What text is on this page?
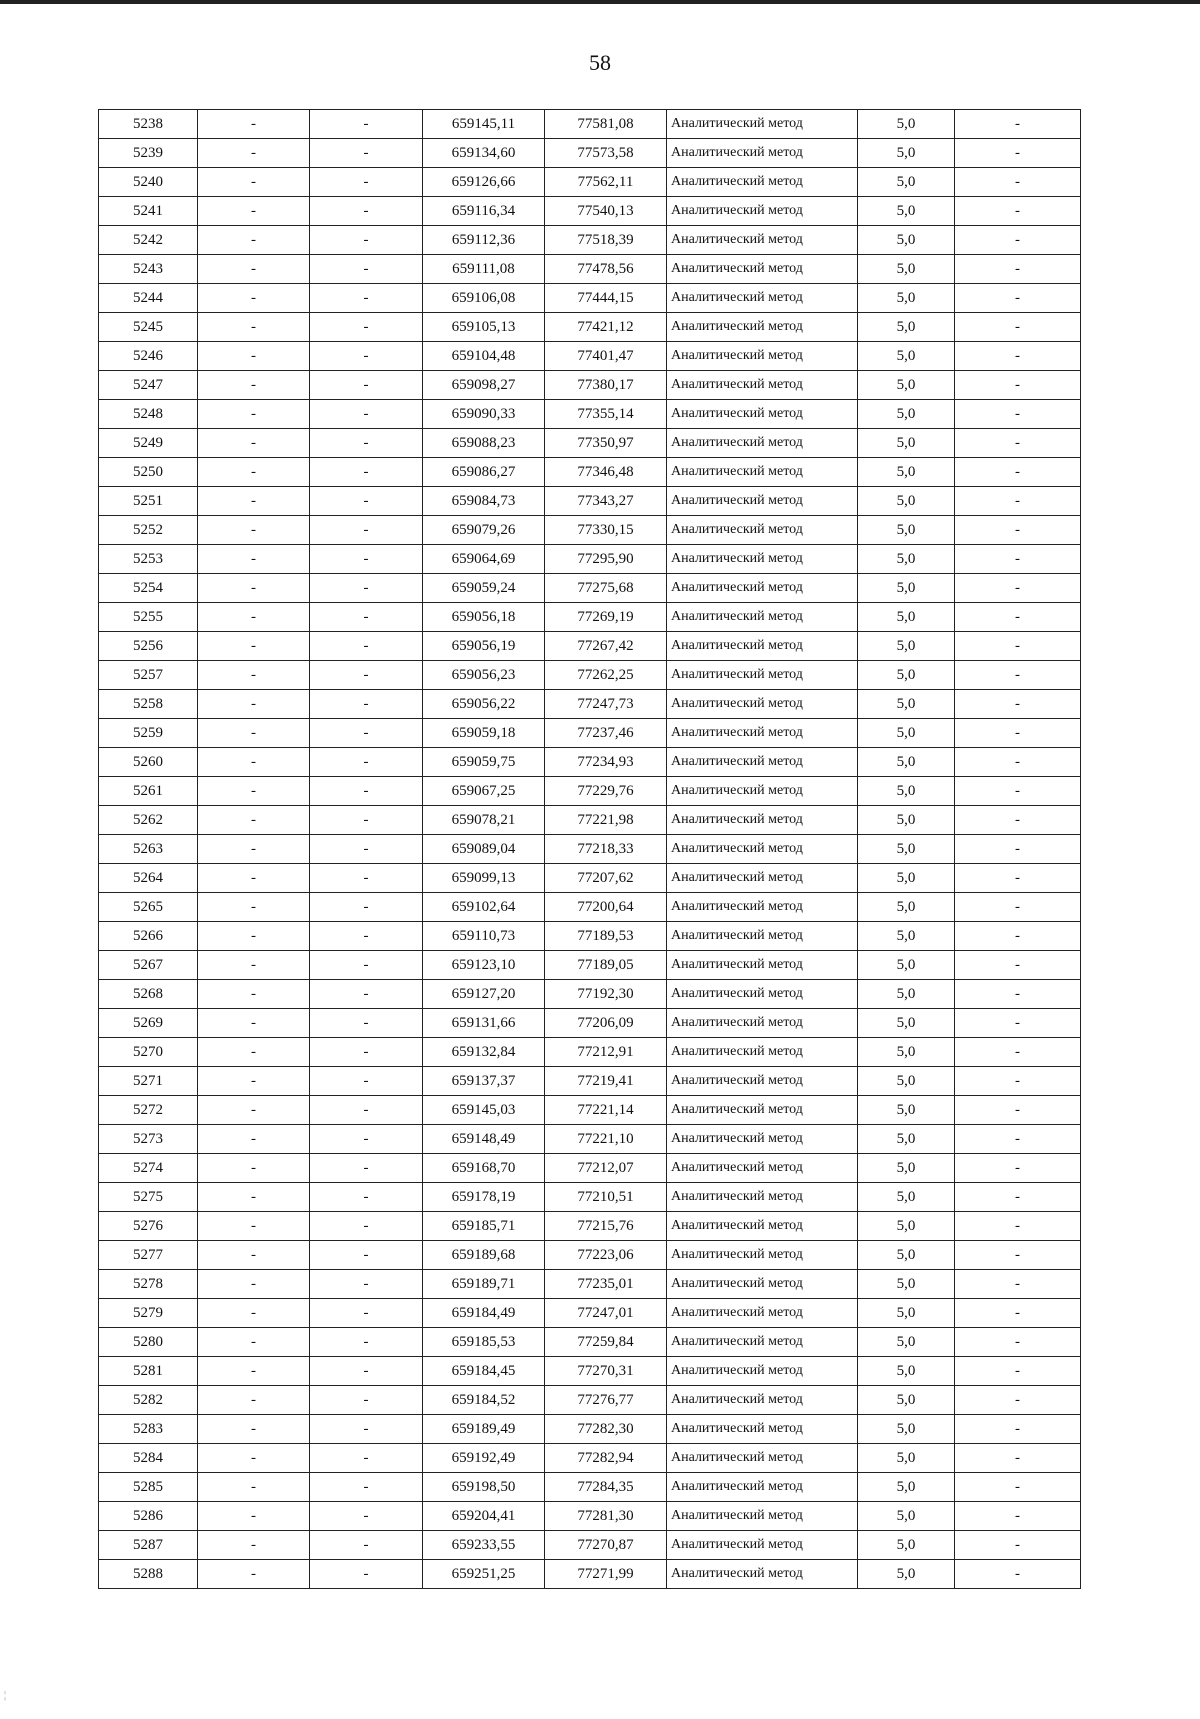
58
5238	-	-	659145,11	77581,08	Аналитический метод	5,0	-
5239	-	-	659134,60	77573,58	Аналитический метод	5,0	-
5240	-	-	659126,66	77562,11	Аналитический метод	5,0	-
5241	-	-	659116,34	77540,13	Аналитический метод	5,0	-
5242	-	-	659112,36	77518,39	Аналитический метод	5,0	-
5243	-	-	659111,08	77478,56	Аналитический метод	5,0	-
5244	-	-	659106,08	77444,15	Аналитический метод	5,0	-
5245	-	-	659105,13	77421,12	Аналитический метод	5,0	-
5246	-	-	659104,48	77401,47	Аналитический метод	5,0	-
5247	-	-	659098,27	77380,17	Аналитический метод	5,0	-
5248	-	-	659090,33	77355,14	Аналитический метод	5,0	-
5249	-	-	659088,23	77350,97	Аналитический метод	5,0	-
5250	-	-	659086,27	77346,48	Аналитический метод	5,0	-
5251	-	-	659084,73	77343,27	Аналитический метод	5,0	-
5252	-	-	659079,26	77330,15	Аналитический метод	5,0	-
5253	-	-	659064,69	77295,90	Аналитический метод	5,0	-
5254	-	-	659059,24	77275,68	Аналитический метод	5,0	-
5255	-	-	659056,18	77269,19	Аналитический метод	5,0	-
5256	-	-	659056,19	77267,42	Аналитический метод	5,0	-
5257	-	-	659056,23	77262,25	Аналитический метод	5,0	-
5258	-	-	659056,22	77247,73	Аналитический метод	5,0	-
5259	-	-	659059,18	77237,46	Аналитический метод	5,0	-
5260	-	-	659059,75	77234,93	Аналитический метод	5,0	-
5261	-	-	659067,25	77229,76	Аналитический метод	5,0	-
5262	-	-	659078,21	77221,98	Аналитический метод	5,0	-
5263	-	-	659089,04	77218,33	Аналитический метод	5,0	-
5264	-	-	659099,13	77207,62	Аналитический метод	5,0	-
5265	-	-	659102,64	77200,64	Аналитический метод	5,0	-
5266	-	-	659110,73	77189,53	Аналитический метод	5,0	-
5267	-	-	659123,10	77189,05	Аналитический метод	5,0	-
5268	-	-	659127,20	77192,30	Аналитический метод	5,0	-
5269	-	-	659131,66	77206,09	Аналитический метод	5,0	-
5270	-	-	659132,84	77212,91	Аналитический метод	5,0	-
5271	-	-	659137,37	77219,41	Аналитический метод	5,0	-
5272	-	-	659145,03	77221,14	Аналитический метод	5,0	-
5273	-	-	659148,49	77221,10	Аналитический метод	5,0	-
5274	-	-	659168,70	77212,07	Аналитический метод	5,0	-
5275	-	-	659178,19	77210,51	Аналитический метод	5,0	-
5276	-	-	659185,71	77215,76	Аналитический метод	5,0	-
5277	-	-	659189,68	77223,06	Аналитический метод	5,0	-
5278	-	-	659189,71	77235,01	Аналитический метод	5,0	-
5279	-	-	659184,49	77247,01	Аналитический метод	5,0	-
5280	-	-	659185,53	77259,84	Аналитический метод	5,0	-
5281	-	-	659184,45	77270,31	Аналитический метод	5,0	-
5282	-	-	659184,52	77276,77	Аналитический метод	5,0	-
5283	-	-	659189,49	77282,30	Аналитический метод	5,0	-
5284	-	-	659192,49	77282,94	Аналитический метод	5,0	-
5285	-	-	659198,50	77284,35	Аналитический метод	5,0	-
5286	-	-	659204,41	77281,30	Аналитический метод	5,0	-
5287	-	-	659233,55	77270,87	Аналитический метод	5,0	-
5288	-	-	659251,25	77271,99	Аналитический метод	5,0	-
¦
